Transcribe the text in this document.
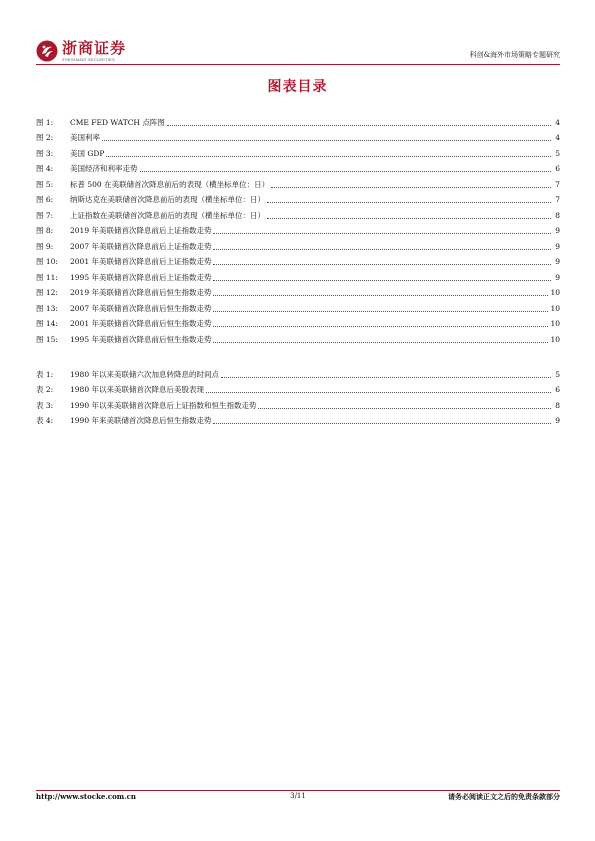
浙商证券
ZHESHANG SECURITIES
科创&海外市场策略专题研究
图表目录
图 1:	CME FED WATCH 点阵图	4
图 2:	美国利率	4
图 3:	美国 GDP	5
图 4:	美国经济和利率走势	6
图 5:	标普 500 在美联储首次降息前后的表现（横坐标单位：日）	7
图 6:	纳斯达克在美联储首次降息前后的表现（横坐标单位：日）	7
图 7:	上证指数在美联储首次降息前后的表现（横坐标单位：日）	8
图 8:	2019 年美联储首次降息前后上证指数走势	9
图 9:	2007 年美联储首次降息前后上证指数走势	9
图 10:	2001 年美联储首次降息前后上证指数走势	9
图 11:	1995 年美联储首次降息前后上证指数走势	9
图 12:	2019 年美联储首次降息前后恒生指数走势	10
图 13:	2007 年美联储首次降息前后恒生指数走势	10
图 14:	2001 年美联储首次降息前后恒生指数走势	10
图 15:	1995 年美联储首次降息前后恒生指数走势	10
表 1:	1980 年以来美联储六次加息转降息的时间点	5
表 2:	1980 年以来美联储首次降息后美股表现	6
表 3:	1990 年以来美联储首次降息后上证指数和恒生指数走势	8
表 4:	1990 年来美联储首次降息后恒生指数走势	9
http://www.stocke.com.cn	3/11	请务必阅读正文之后的免责条款部分
